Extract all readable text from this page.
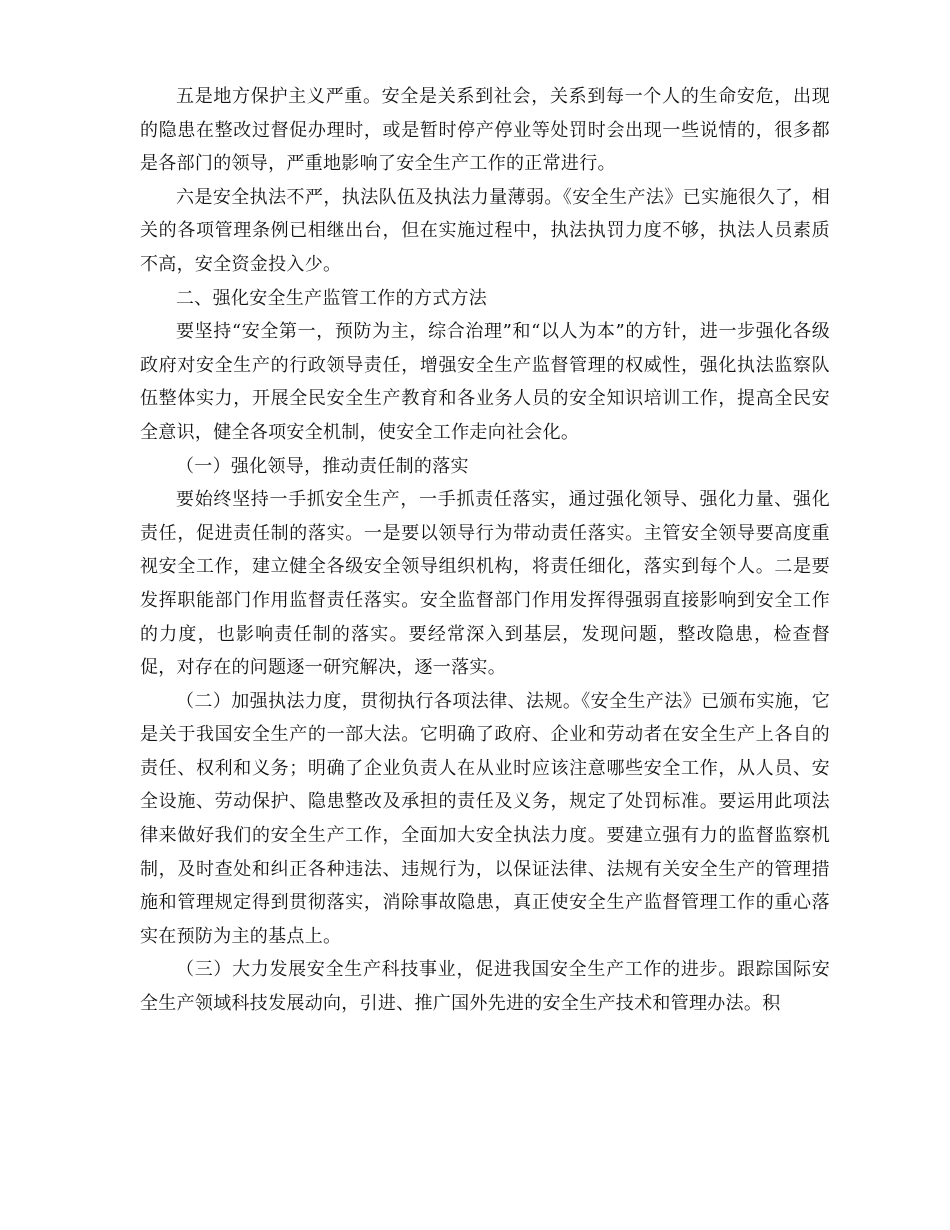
五是地方保护主义严重。安全是关系到社会，关系到每一个人的生命安危，出现的隐患在整改过督促办理时，或是暂时停产停业等处罚时会出现一些说情的，很多都是各部门的领导，严重地影响了安全生产工作的正常进行。

六是安全执法不严，执法队伍及执法力量薄弱。《安全生产法》已实施很久了，相关的各项管理条例已相继出台，但在实施过程中，执法执罚力度不够，执法人员素质不高，安全资金投入少。

二、强化安全生产监管工作的方式方法

要坚持“安全第一，预防为主，综合治理”和“以人为本”的方针，进一步强化各级政府对安全生产的行政领导责任，增强安全生产监督管理的权威性，强化执法监察队伍整体实力，开展全民安全生产教育和各业务人员的安全知识培训工作，提高全民安全意识，健全各项安全机制，使安全工作走向社会化。

（一）强化领导，推动责任制的落实

要始终坚持一手抓安全生产，一手抓责任落实，通过强化领导、强化力量、强化责任，促进责任制的落实。一是要以领导行为带动责任落实。主管安全领导要高度重视安全工作，建立健全各级安全领导组织机构，将责任细化，落实到每个人。二是要发挥职能部门作用监督责任落实。安全监督部门作用发挥得强弱直接影响到安全工作的力度，也影响责任制的落实。要经常深入到基层，发现问题，整改隐患，检查督促，对存在的问题逐一研究解决，逐一落实。

（二）加强执法力度，贯彻执行各项法律、法规。《安全生产法》已颁布实施，它是关于我国安全生产的一部大法。它明确了政府、企业和劳动者在安全生产上各自的责任、权利和义务；明确了企业负责人在从业时应该注意哪些安全工作，从人员、安全设施、劳动保护、隐患整改及承担的责任及义务，规定了处罚标准。要运用此项法律来做好我们的安全生产工作，全面加大安全执法力度。要建立强有力的监督监察机制，及时查处和纠正各种违法、违规行为，以保证法律、法规有关安全生产的管理措施和管理规定得到贯彻落实，消除事故隐患，真正使安全生产监督管理工作的重心落实在预防为主的基点上。

（三）大力发展安全生产科技事业，促进我国安全生产工作的进步。跟踪国际安全生产领域科技发展动向，引进、推广国外先进的安全生产技术和管理办法。积
